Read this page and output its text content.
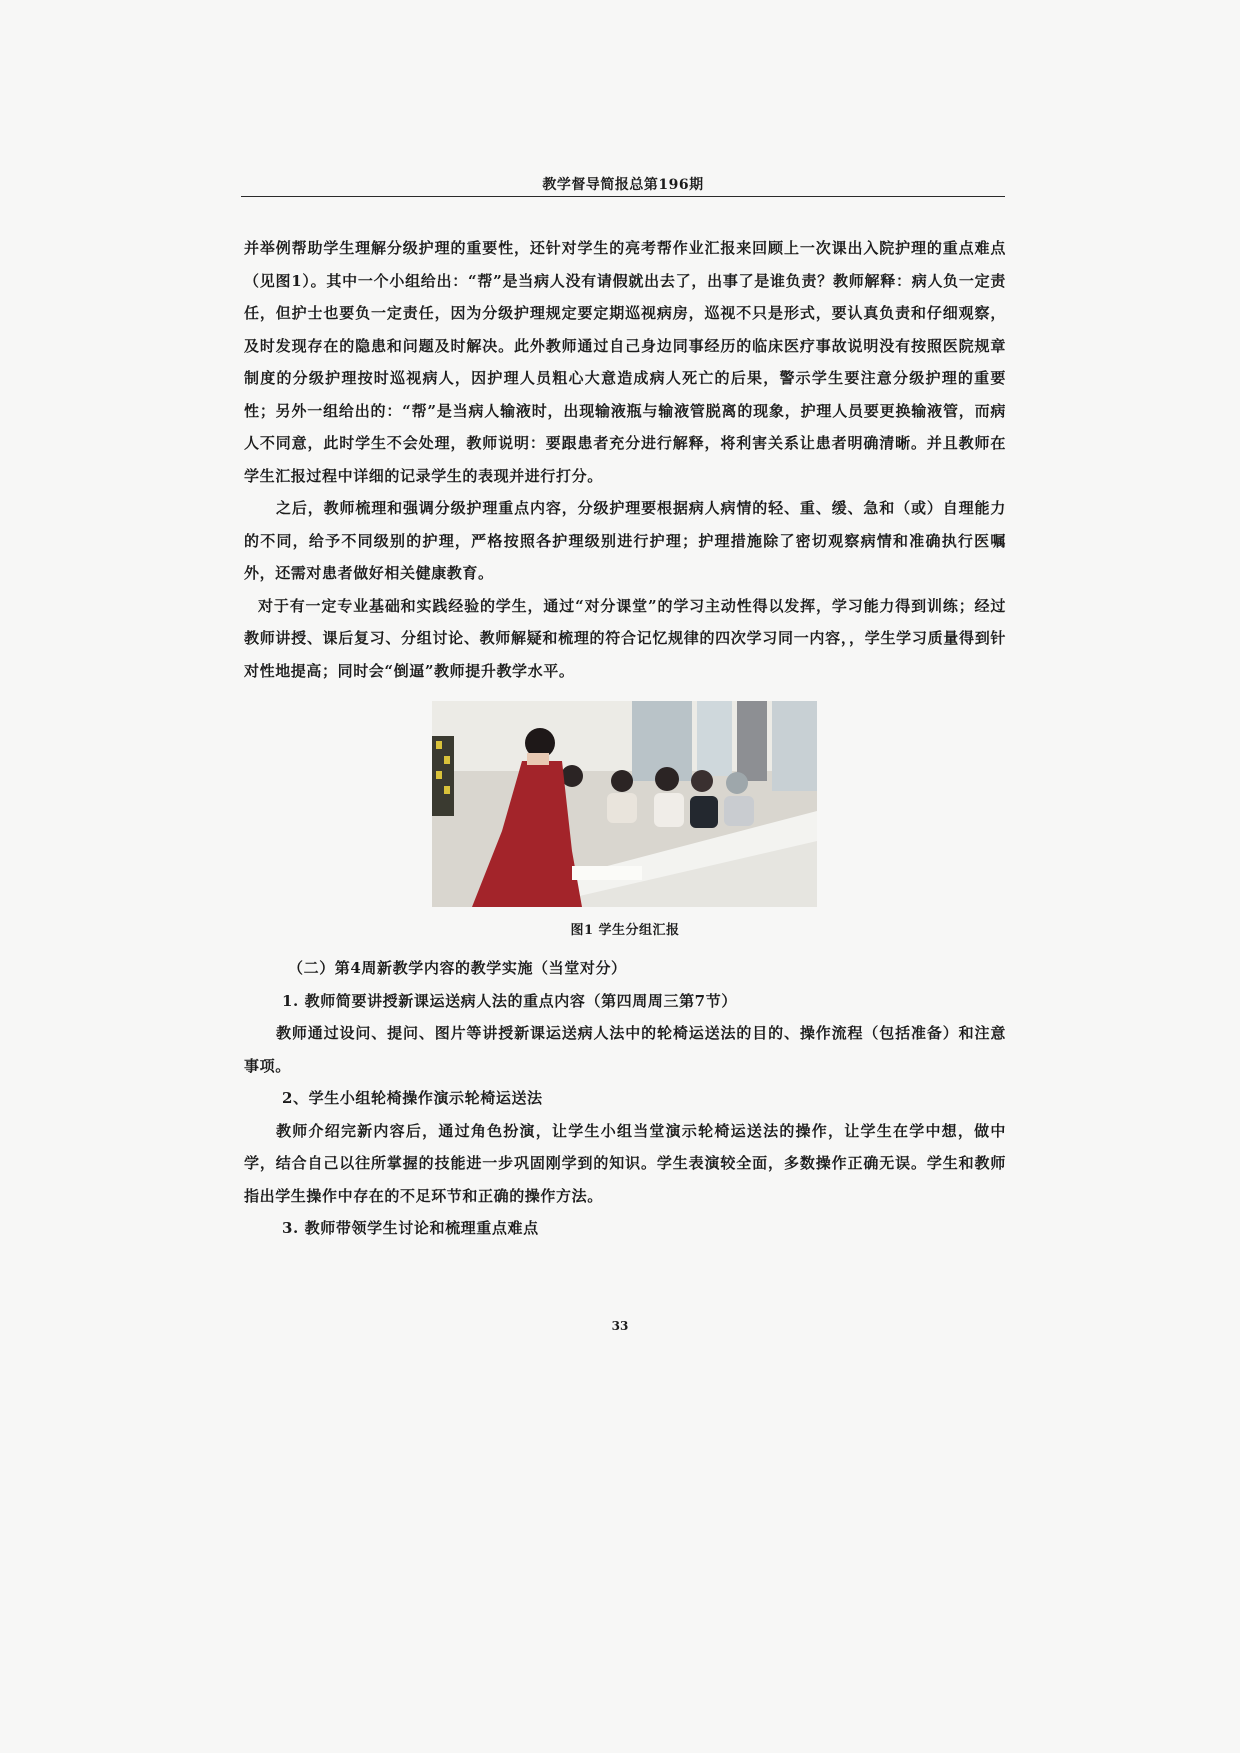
教学督导简报总第196期

并举例帮助学生理解分级护理的重要性，还针对学生的亮考帮作业汇报来回顾上一次课出入院护理的重点难点（见图1）。其中一个小组给出：“帮”是当病人没有请假就出去了，出事了是谁负责？教师解释：病人负一定责任，但护士也要负一定责任，因为分级护理规定要定期巡视病房，巡视不只是形式，要认真负责和仔细观察，及时发现存在的隐患和问题及时解决。此外教师通过自己身边同事经历的临床医疗事故说明没有按照医院规章制度的分级护理按时巡视病人，因护理人员粗心大意造成病人死亡的后果，警示学生要注意分级护理的重要性；另外一组给出的：“帮”是当病人输液时，出现输液瓶与输液管脱离的现象，护理人员要更换输液管，而病人不同意，此时学生不会处理，教师说明：要跟患者充分进行解释，将利害关系让患者明确清晰。并且教师在学生汇报过程中详细的记录学生的表现并进行打分。

之后，教师梳理和强调分级护理重点内容，分级护理要根据病人病情的轻、重、缓、急和（或）自理能力的不同，给予不同级别的护理，严格按照各护理级别进行护理；护理措施除了密切观察病情和准确执行医嘱外，还需对患者做好相关健康教育。

对于有一定专业基础和实践经验的学生，通过“对分课堂”的学习主动性得以发挥，学习能力得到训练；经过教师讲授、课后复习、分组讨论、教师解疑和梳理的符合记忆规律的四次学习同一内容，，学生学习质量得到针对性地提高；同时会“倒逼”教师提升教学水平。

图1 学生分组汇报

（二）第4周新教学内容的教学实施（当堂对分）

1. 教师简要讲授新课运送病人法的重点内容（第四周周三第7节）

教师通过设问、提问、图片等讲授新课运送病人法中的轮椅运送法的目的、操作流程（包括准备）和注意事项。

2、学生小组轮椅操作演示轮椅运送法

教师介绍完新内容后，通过角色扮演，让学生小组当堂演示轮椅运送法的操作，让学生在学中想，做中学，结合自己以往所掌握的技能进一步巩固刚学到的知识。学生表演较全面，多数操作正确无误。学生和教师指出学生操作中存在的不足环节和正确的操作方法。

3. 教师带领学生讨论和梳理重点难点

33
